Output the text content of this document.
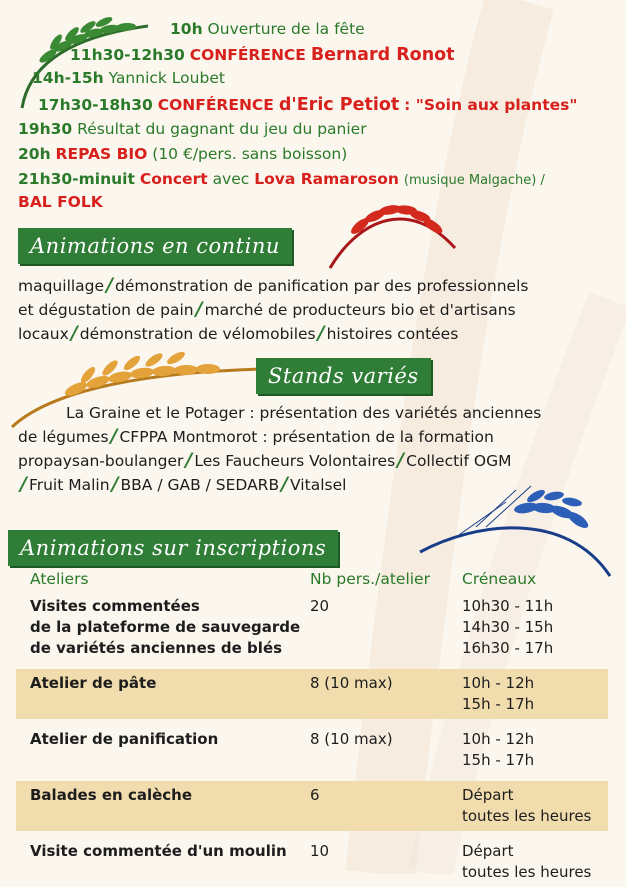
10h Ouverture de la fête
11h30-12h30 CONFÉRENCE Bernard Ronot
14h-15h Yannick Loubet
17h30-18h30 CONFÉRENCE d'Eric Petiot : "Soin aux plantes"
19h30 Résultat du gagnant du jeu du panier
20h REPAS BIO (10 €/pers. sans boisson)
21h30-minuit Concert avec Lova Ramaroson (musique Malgache) /
BAL FOLK
Animations en continu
maquillage / démonstration de panification par des professionnels
et dégustation de pain / marché de producteurs bio et d'artisans
locaux / démonstration de vélomobiles / histoires contées
Stands variés
La Graine et le Potager : présentation des variétés anciennes
de légumes / CFPPA Montmorot : présentation de la formation
propaysan-boulanger / Les Faucheurs Volontaires / Collectif OGM
/ Fruit Malin / BBA / GAB / SEDARB / Vitalsel
Animations sur inscriptions
Ateliers	Nb pers./atelier	Créneaux
Visites commentées
de la plateforme de sauvegarde
de variétés anciennes de blés
20	10h30 - 11h
14h30 - 15h
16h30 - 17h
Atelier de pâte	8 (10 max)	10h - 12h
15h - 17h
Atelier de panification	8 (10 max)	10h - 12h
15h - 17h
Balades en calèche	6	Départ
toutes les heures
Visite commentée d'un moulin	10	Départ
toutes les heures
